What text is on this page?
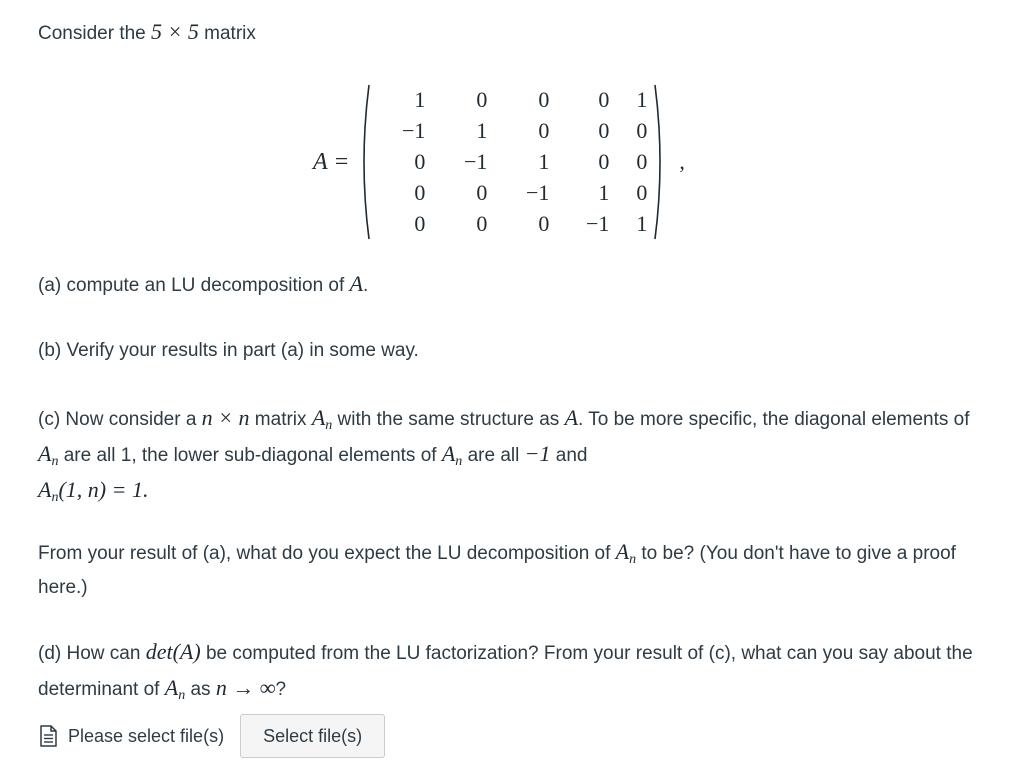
Consider the 5 × 5 matrix

A =
1	0	0	0	1
−1	1	0	0	0
0	−1	1	0	0
0	0	−1	1	0
0	0	0	−1	1
,

(a) compute an LU decomposition of A.

(b) Verify your results in part (a) in some way.

(c) Now consider a n × n matrix $A_n$ with the same structure as A. To be more specific, the diagonal elements of $A_n$ are all 1, the lower sub-diagonal elements of $A_n$ are all −1 and
$A_n(1$, n) = 1.

From your result of (a), what do you expect the LU decomposition of $A_n$ to be? (You don't have to give a proof here.)

(d) How can det(A) be computed from the LU factorization? From your result of (c), what can you say about the determinant of $A_n$ as n → ∞?

Please select file(s)	Select file(s)
